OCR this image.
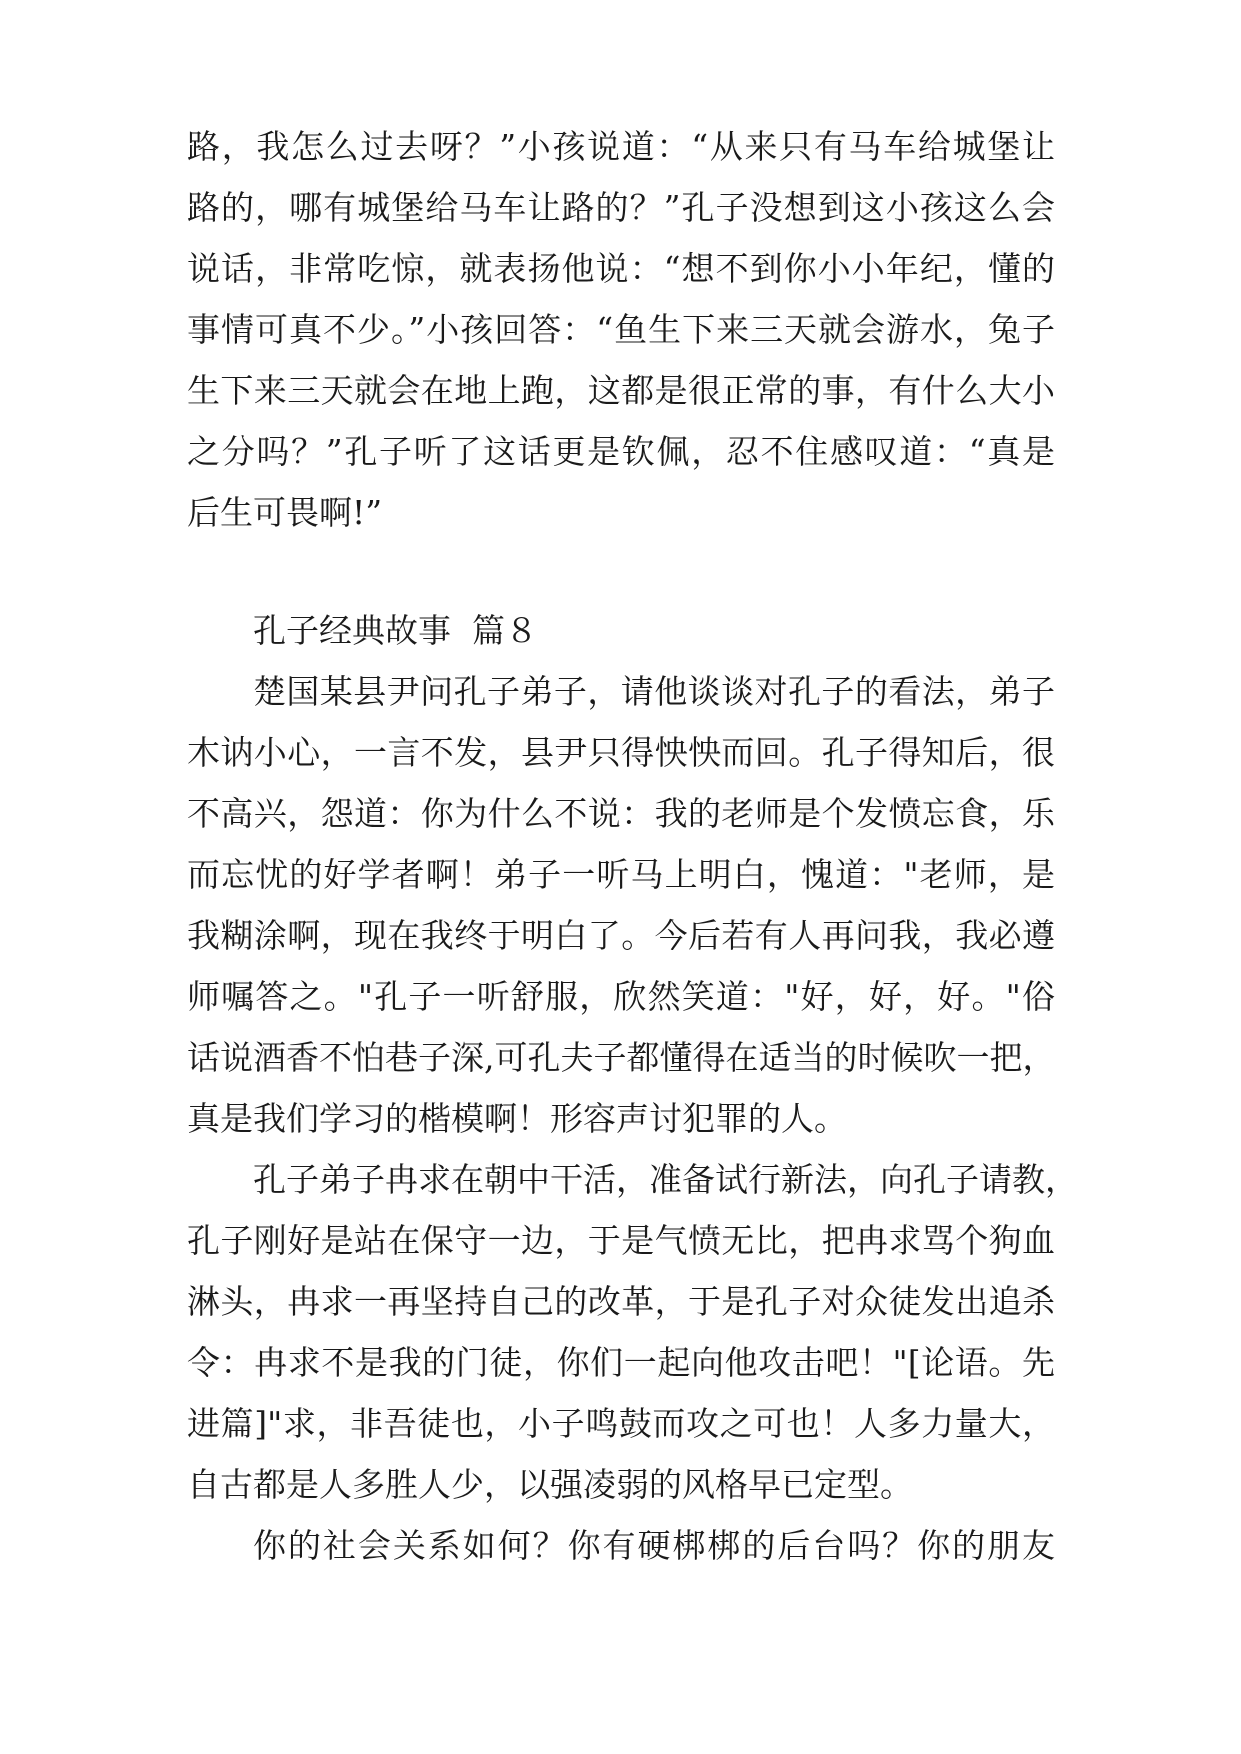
路，我怎么过去呀？”小孩说道：“从来只有马车给城堡让
路的，哪有城堡给马车让路的？”孔子没想到这小孩这么会
说话，非常吃惊，就表扬他说：“想不到你小小年纪，懂的
事情可真不少。”小孩回答：“鱼生下来三天就会游水，兔子
生下来三天就会在地上跑，这都是很正常的事，有什么大小
之分吗？”孔子听了这话更是钦佩，忍不住感叹道：“真是
后生可畏啊!”
孔子经典故事  篇８
楚国某县尹问孔子弟子，请他谈谈对孔子的看法，弟子
木讷小心，一言不发，县尹只得怏怏而回。孔子得知后，很
不高兴，怨道：你为什么不说：我的老师是个发愤忘食，乐
而忘忧的好学者啊！弟子一听马上明白，愧道："老师，是
我糊涂啊，现在我终于明白了。今后若有人再问我，我必遵
师嘱答之。"孔子一听舒服，欣然笑道："好，好，好。"俗
话说酒香不怕巷子深,可孔夫子都懂得在适当的时候吹一把，
真是我们学习的楷模啊！形容声讨犯罪的人。
孔子弟子冉求在朝中干活，准备试行新法，向孔子请教，
孔子刚好是站在保守一边，于是气愤无比，把冉求骂个狗血
淋头，冉求一再坚持自己的改革，于是孔子对众徒发出追杀
令：冉求不是我的门徒，你们一起向他攻击吧！"[论语。先
进篇]"求，非吾徒也，小子鸣鼓而攻之可也！人多力量大，
自古都是人多胜人少，以强凌弱的风格早已定型。
你的社会关系如何？你有硬梆梆的后台吗？你的朋友
